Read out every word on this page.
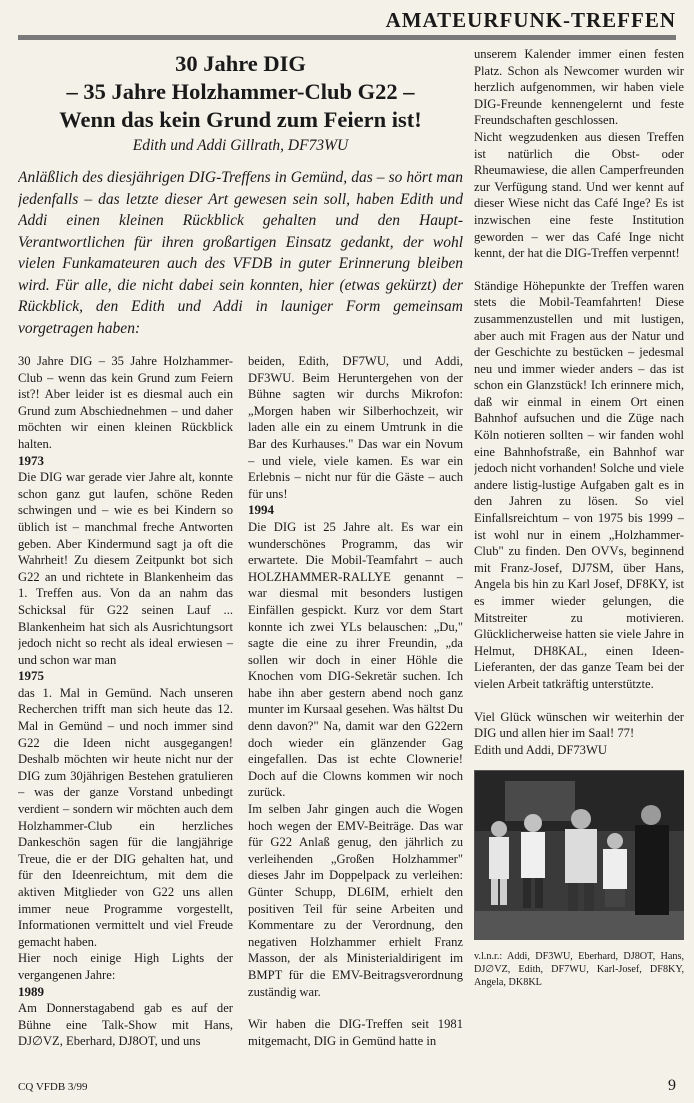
AMATEURFUNK-TREFFEN
30 Jahre DIG
– 35 Jahre Holzhammer-Club G22 –
Wenn das kein Grund zum Feiern ist!
Edith und Addi Gillrath, DF73WU
Anläßlich des diesjährigen DIG-Treffens in Gemünd, das – so hört man jedenfalls – das letzte dieser Art gewesen sein soll, haben Edith und Addi einen kleinen Rückblick gehalten und den Haupt-Verantwortlichen für ihren großartigen Einsatz gedankt, der wohl vielen Funkamateuren auch des VFDB in guter Erinnerung bleiben wird. Für alle, die nicht dabei sein konnten, hier (etwas gekürzt) der Rückblick, den Edith und Addi in launiger Form gemeinsam vorgetragen haben:

30 Jahre DIG – 35 Jahre Holzhammer-Club – wenn das kein Grund zum Feiern ist?! Aber leider ist es diesmal auch ein Grund zum Abschiednehmen – und daher möchten wir einen kleinen Rückblick halten.

1973

Die DIG war gerade vier Jahre alt, konnte schon ganz gut laufen, schöne Reden schwingen und – wie es bei Kindern so üblich ist – manchmal freche Antworten geben. Aber Kindermund sagt ja oft die Wahrheit! Zu diesem Zeitpunkt bot sich G22 an und richtete in Blankenheim das 1. Treffen aus. Von da an nahm das Schicksal für G22 seinen Lauf ... Blankenheim hat sich als Ausrichtungsort jedoch nicht so recht als ideal erwiesen – und schon war man

1975

das 1. Mal in Gemünd. Nach unseren Recherchen trifft man sich heute das 12. Mal in Gemünd – und noch immer sind G22 die Ideen nicht ausgegangen! Deshalb möchten wir heute nicht nur der DIG zum 30jährigen Bestehen gratulieren – was der ganze Vorstand unbedingt verdient – sondern wir möchten auch dem Holzhammer-Club ein herzliches Dankeschön sagen für die langjährige Treue, die er der DIG gehalten hat, und für den Ideenreichtum, mit dem die aktiven Mitglieder von G22 uns allen immer neue Programme vorgestellt, Informationen vermittelt und viel Freude gemacht haben.

Hier noch einige High Lights der vergangenen Jahre:

1989

Am Donnerstagabend gab es auf der Bühne eine Talk-Show mit Hans, DJ∅VZ, Eberhard, DJ8OT, und uns

beiden, Edith, DF7WU, und Addi, DF3WU. Beim Heruntergehen von der Bühne sagten wir durchs Mikrofon: „Morgen haben wir Silberhochzeit, wir laden alle ein zu einem Umtrunk in die Bar des Kurhauses." Das war ein Novum – und viele, viele kamen. Es war ein Erlebnis – nicht nur für die Gäste – auch für uns!

1994

Die DIG ist 25 Jahre alt. Es war ein wunderschönes Programm, das wir erwartete. Die Mobil-Teamfahrt – auch HOLZHAMMER-RALLYE genannt – war diesmal mit besonders lustigen Einfällen gespickt. Kurz vor dem Start konnte ich zwei YLs belauschen: „Du," sagte die eine zu ihrer Freundin, „da sollen wir doch in einer Höhle die Knochen vom DIG-Sekretär suchen. Ich habe ihn aber gestern abend noch ganz munter im Kursaal gesehen. Was hältst Du denn davon?" Na, damit war den G22ern doch wieder ein glänzender Gag eingefallen. Das ist echte Clownerie! Doch auf die Clowns kommen wir noch zurück.

Im selben Jahr gingen auch die Wogen hoch wegen der EMV-Beiträge. Das war für G22 Anlaß genug, den jährlich zu verleihenden „Großen Holzhammer" dieses Jahr im Doppelpack zu verleihen: Günter Schupp, DL6IM, erhielt den positiven Teil für seine Arbeiten und Kommentare zu der Verordnung, den negativen Holzhammer erhielt Franz Masson, der als Ministerialdirigent im BMPT für die EMV-Beitragsverordnung zuständig war.

Wir haben die DIG-Treffen seit 1981 mitgemacht, DIG in Gemünd hatte in

unserem Kalender immer einen festen Platz. Schon als Newcomer wurden wir herzlich aufgenommen, wir haben viele DIG-Freunde kennengelernt und feste Freundschaften geschlossen.

Nicht wegzudenken aus diesen Treffen ist natürlich die Obst- oder Rheumawiese, die allen Camperfreunden zur Verfügung stand. Und wer kennt auf dieser Wiese nicht das Café Inge? Es ist inzwischen eine feste Institution geworden – wer das Café Inge nicht kennt, der hat die DIG-Treffen verpennt!

Ständige Höhepunkte der Treffen waren stets die Mobil-Teamfahrten! Diese zusammenzustellen und mit lustigen, aber auch mit Fragen aus der Natur und der Geschichte zu bestücken – jedesmal neu und immer wieder anders – das ist schon ein Glanzstück! Ich erinnere mich, daß wir einmal in einem Ort einen Bahnhof aufsuchen und die Züge nach Köln notieren sollten – wir fanden wohl eine Bahnhofstraße, ein Bahnhof war jedoch nicht vorhanden! Solche und viele andere listig-lustige Aufgaben galt es in den Jahren zu lösen. So viel Einfallsreichtum – von 1975 bis 1999 – ist wohl nur in einem „Holzhammer-Club" zu finden. Den OVVs, beginnend mit Franz-Josef, DJ7SM, über Hans, Angela bis hin zu Karl Josef, DF8KY, ist es immer wieder gelungen, die Mitstreiter zu motivieren. Glücklicherweise hatten sie viele Jahre in Helmut, DH8KAL, einen Ideen-Lieferanten, der das ganze Team bei der vielen Arbeit tatkräftig unterstützte.

Viel Glück wünschen wir weiterhin der DIG und allen hier im Saal! 77!

Edith und Addi, DF73WU

v.l.n.r.: Addi, DF3WU, Eberhard, DJ8OT, Hans, DJ∅VZ, Edith, DF7WU, Karl-Josef, DF8KY, Angela, DK8KL
CQ VFDB 3/99	9
